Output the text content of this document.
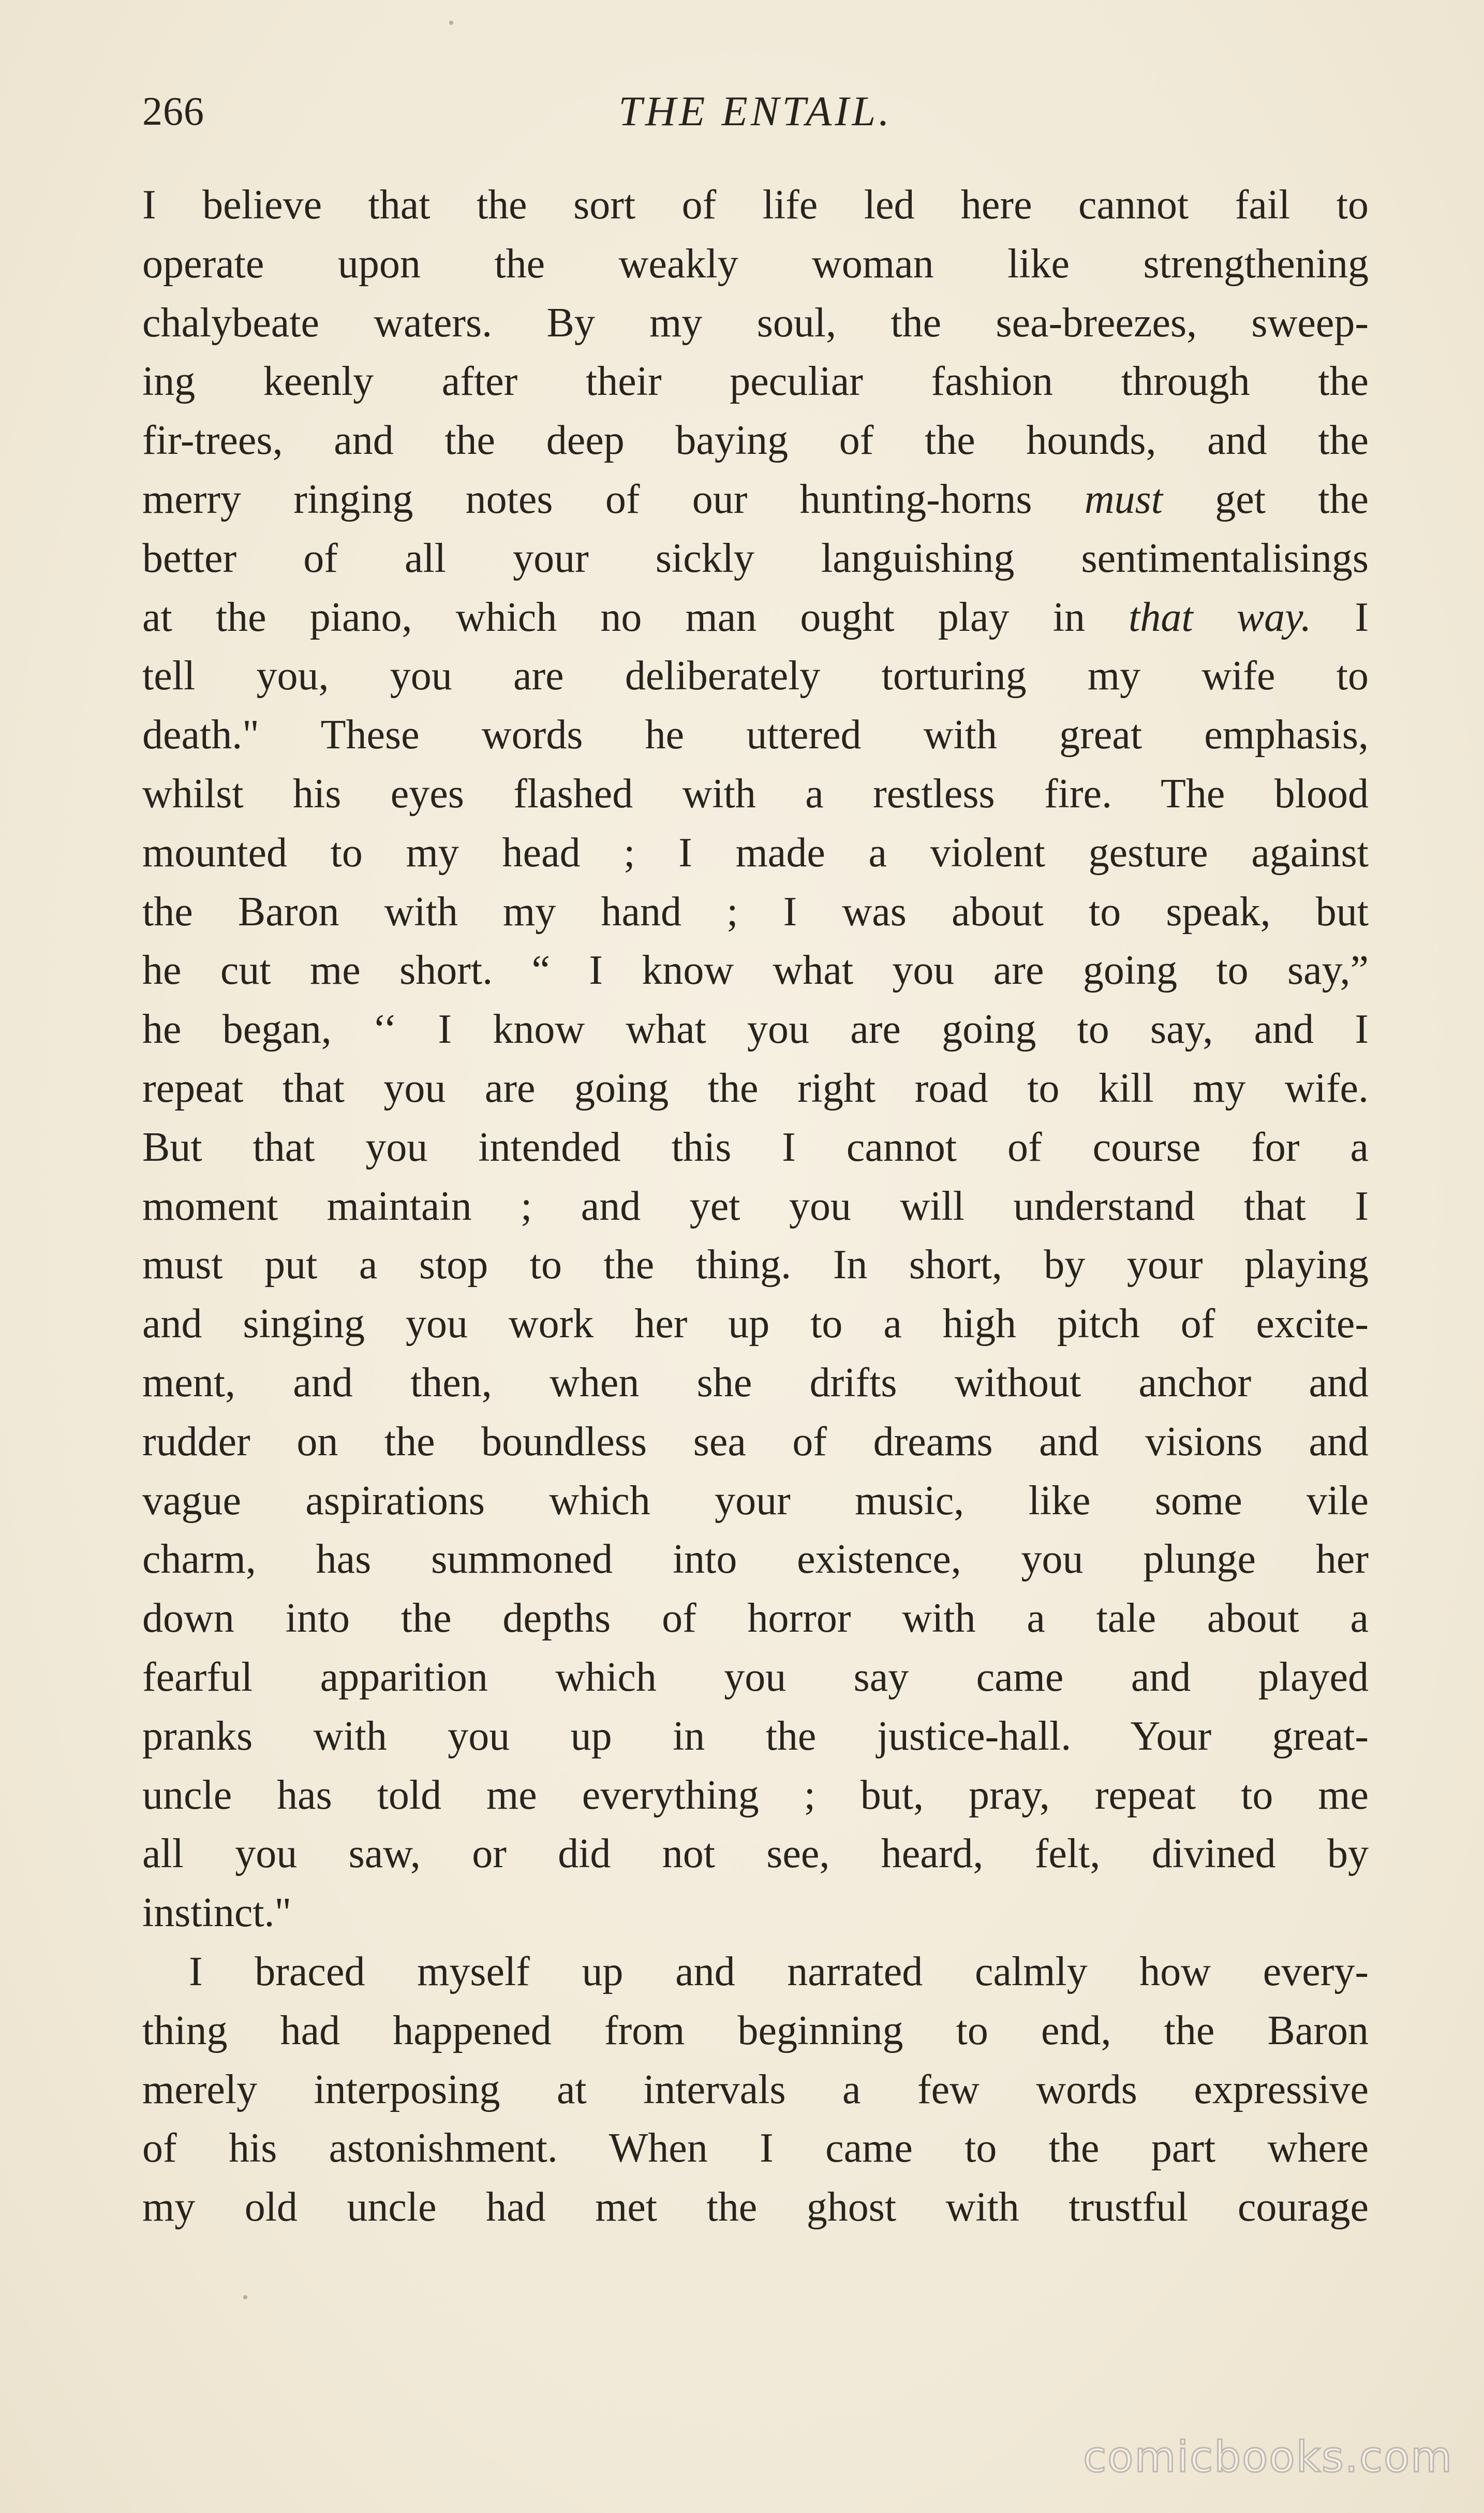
266	THE ENTAIL.
I believe that the sort of life led here cannot fail to
operate upon the weakly woman like strengthening
chalybeate waters. By my soul, the sea-breezes, sweep-
ing keenly after their peculiar fashion through the
fir-trees, and the deep baying of the hounds, and the
merry ringing notes of our hunting-horns must get the
better of all your sickly languishing sentimentalisings
at the piano, which no man ought play in that way. I
tell you, you are deliberately torturing my wife to
death." These words he uttered with great emphasis,
whilst his eyes flashed with a restless fire. The blood
mounted to my head ; I made a violent gesture against
the Baron with my hand ; I was about to speak, but
he cut me short. “ I know what you are going to say,”
he began, ‘‘ I know what you are going to say, and I
repeat that you are going the right road to kill my wife.
But that you intended this I cannot of course for a
moment maintain ; and yet you will understand that I
must put a stop to the thing. In short, by your playing
and singing you work her up to a high pitch of excite-
ment, and then, when she drifts without anchor and
rudder on the boundless sea of dreams and visions and
vague aspirations which your music, like some vile
charm, has summoned into existence, you plunge her
down into the depths of horror with a tale about a
fearful apparition which you say came and played
pranks with you up in the justice-hall. Your great-
uncle has told me everything ; but, pray, repeat to me
all you saw, or did not see, heard, felt, divined by
instinct."
I braced myself up and narrated calmly how every-
thing had happened from beginning to end, the Baron
merely interposing at intervals a few words expressive
of his astonishment. When I came to the part where
my old uncle had met the ghost with trustful courage
comicbooks.com
